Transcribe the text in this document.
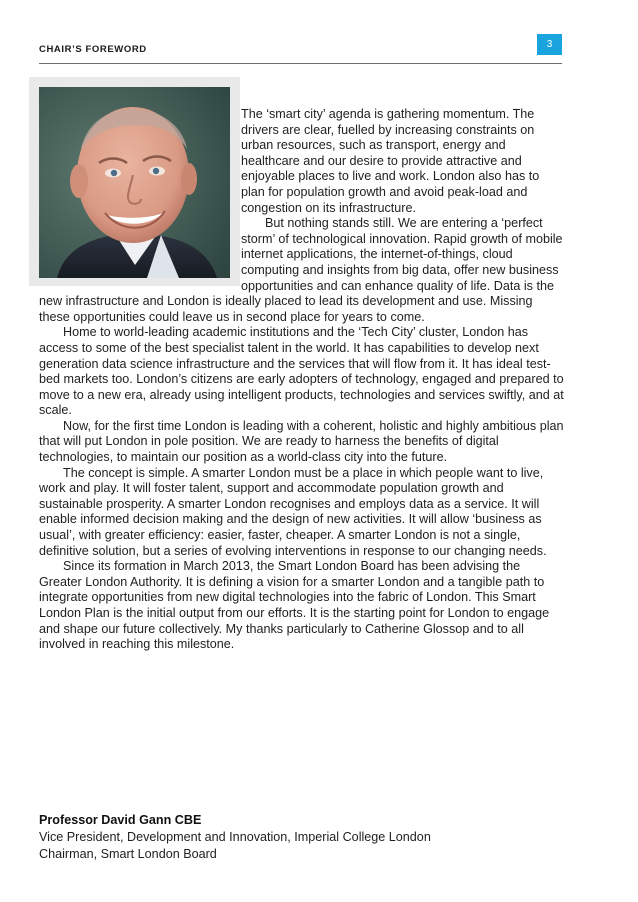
CHAIR’S FOREWORD	3

The ‘smart city’ agenda is gathering momentum. The drivers are clear, fuelled by increasing constraints on urban resources, such as transport, energy and healthcare and our desire to provide attractive and enjoyable places to live and work. London also has to plan for population growth and avoid peak-load and congestion on its infrastructure.

But nothing stands still. We are entering a ‘perfect storm’ of technological innovation. Rapid growth of mobile internet applications, the internet-of-things, cloud computing and insights from big data, offer new business opportunities and can enhance quality of life. Data is the new infrastructure and London is ideally placed to lead its development and use. Missing these opportunities could leave us in second place for years to come.

Home to world-leading academic institutions and the ‘Tech City’ cluster, London has access to some of the best specialist talent in the world. It has capabilities to develop next generation data science infrastructure and the services that will flow from it. It has ideal test-bed markets too. London’s citizens are early adopters of technology, engaged and prepared to move to a new era, already using intelligent products, technologies and services swiftly, and at scale.

Now, for the first time London is leading with a coherent, holistic and highly ambitious plan that will put London in pole position. We are ready to harness the benefits of digital technologies, to maintain our position as a world-class city into the future.

The concept is simple. A smarter London must be a place in which people want to live, work and play. It will foster talent, support and accommodate population growth and sustainable prosperity. A smarter London recognises and employs data as a service. It will enable informed decision making and the design of new activities. It will allow ‘business as usual’, with greater efficiency: easier, faster, cheaper. A smarter London is not a single, definitive solution, but a series of evolving interventions in response to our changing needs.

Since its formation in March 2013, the Smart London Board has been advising the Greater London Authority. It is defining a vision for a smarter London and a tangible path to integrate opportunities from new digital technologies into the fabric of London. This Smart London Plan is the initial output from our efforts. It is the starting point for London to engage and shape our future collectively. My thanks particularly to Catherine Glossop and to all involved in reaching this milestone.

Professor David Gann CBE
Vice President, Development and Innovation, Imperial College London
Chairman, Smart London Board
